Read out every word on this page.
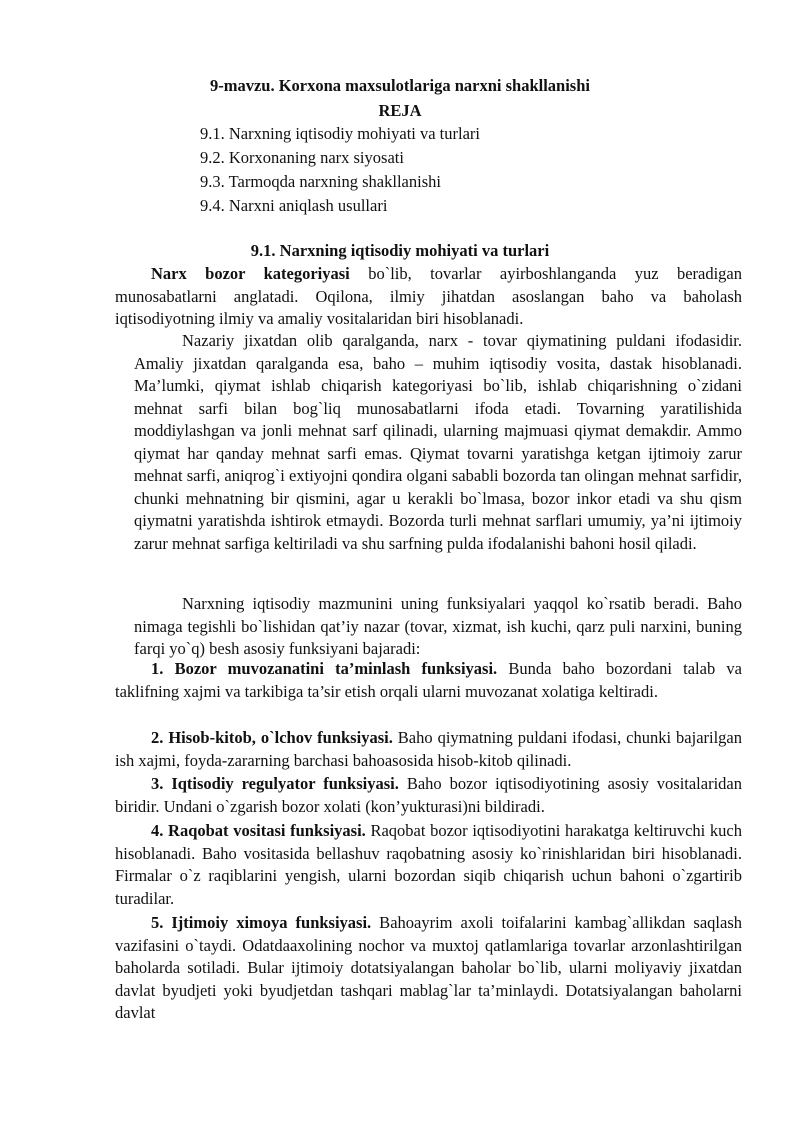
9-mavzu. Korxona maxsulotlariga narxni shakllanishi
REJA
9.1. Narxning iqtisodiy mohiyati va turlari
9.2. Korxonaning narx siyosati
9.3. Tarmoqda narxning shakllanishi
9.4. Narxni aniqlash usullari
9.1. Narxning iqtisodiy mohiyati va turlari
Narx bozor kategoriyasi bo`lib, tovarlar ayirboshlanganda yuz beradigan munosabatlarni anglatadi. Oqilona, ilmiy jihatdan asoslangan baho va baholash iqtisodiyotning ilmiy va amaliy vositalaridan biri hisoblanadi.
Nazariy jixatdan olib qaralganda, narx - tovar qiymatining puldani ifodasidir. Amaliy jixatdan qaralganda esa, baho – muhim iqtisodiy vosita, dastak hisoblanadi. Ma’lumki, qiymat ishlab chiqarish kategoriyasi bo`lib, ishlab chiqarishning o`zidani mehnat sarfi bilan bog`liq munosabatlarni ifoda etadi. Tovarning yaratilishida moddiylashgan va jonli mehnat sarf qilinadi, ularning majmuasi qiymat demakdir. Ammo qiymat har qanday mehnat sarfi emas. Qiymat tovarni yaratishga ketgan ijtimoiy zarur mehnat sarfi, aniqrog`i extiyojni qondira olgani sababli bozorda tan olingan mehnat sarfidir, chunki mehnatning bir qismini, agar u kerakli bo`lmasa, bozor inkor etadi va shu qism qiymatni yaratishda ishtirok etmaydi. Bozorda turli mehnat sarflari umumiy, ya’ni ijtimoiy zarur mehnat sarfiga keltiriladi va shu sarfning pulda ifodalanishi bahoni hosil qiladi.
Narxning iqtisodiy mazmunini uning funksiyalari yaqqol ko`rsatib beradi. Baho nimaga tegishli bo`lishidan qat’iy nazar (tovar, xizmat, ish kuchi, qarz puli narxini, buning farqi yo`q) besh asosiy funksiyani bajaradi:
1. Bozor muvozanatini ta’minlash funksiyasi. Bunda baho bozordani talab va taklifning xajmi va tarkibiga ta’sir etish orqali ularni muvozanat xolatiga keltiradi.
2. Hisob-kitob, o`lchov funksiyasi. Baho qiymatning puldani ifodasi, chunki bajarilgan ish xajmi, foyda-zararning barchasi bahoasosida hisob-kitob qilinadi.
3. Iqtisodiy regulyator funksiyasi. Baho bozor iqtisodiyotining asosiy vositalaridan biridir. Undani o`zgarish bozor xolati (kon’yukturasi)ni bildiradi.
4. Raqobat vositasi funksiyasi. Raqobat bozor iqtisodiyotini harakatga keltiruvchi kuch hisoblanadi. Baho vositasida bellashuv raqobatning asosiy ko`rinishlaridan biri hisoblanadi. Firmalar o`z raqiblarini yengish, ularni bozordan siqib chiqarish uchun bahoni o`zgartirib turadilar.
5. Ijtimoiy ximoya funksiyasi. Bahoayrim axoli toifalarini kambag`allikdan saqlash vazifasini o`taydi. Odatdaaxolining nochor va muxtoj qatlamlariga tovarlar arzonlashtirilgan baholarda sotiladi. Bular ijtimoiy dotatsiyalangan baholar bo`lib, ularni moliyaviy jixatdan davlat byudjeti yoki byudjetdan tashqari mablag`lar ta’minlaydi. Dotatsiyalangan baholarni davlat
